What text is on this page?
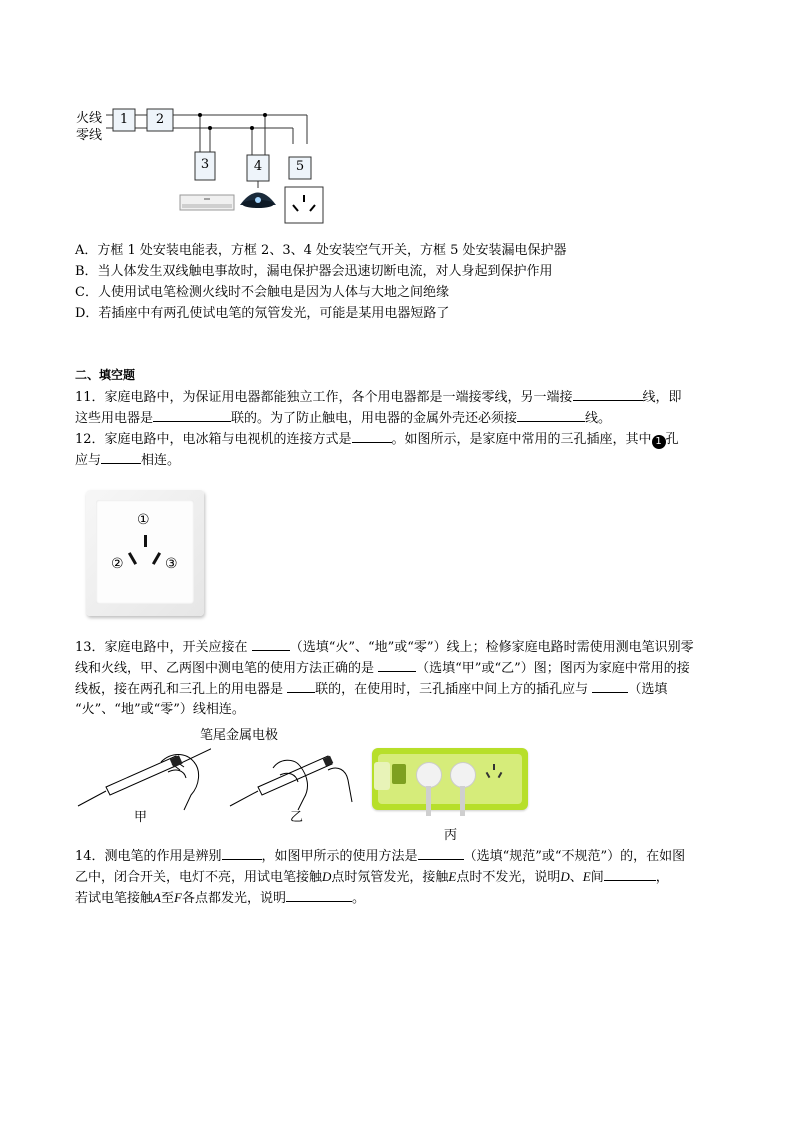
火线
零线
1	2
3	4	5
A．方框 1 处安装电能表，方框 2、3、4 处安装空气开关，方框 5 处安装漏电保护器
B．当人体发生双线触电事故时，漏电保护器会迅速切断电流，对人身起到保护作用
C．人使用试电笔检测火线时不会触电是因为人体与大地之间绝缘
D．若插座中有两孔使试电笔的氖管发光，可能是某用电器短路了
二、填空题
11．家庭电路中，为保证用电器都能独立工作，各个用电器都是一端接零线，另一端接	线，即
这些用电器是	联的。为了防止触电，用电器的金属外壳还必须接	线。
12．家庭电路中，电冰箱与电视机的连接方式是	。如图所示，是家庭中常用的三孔插座，其中 1 孔
应与	相连。
①
②	③
13．家庭电路中，开关应接在	（选填“火”、“地”或“零”）线上；检修家庭电路时需使用测电笔识别零
线和火线，甲、乙两图中测电笔的使用方法正确的是	（选填“甲”或“乙”）图；图丙为家庭中常用的接
线板，接在两孔和三孔上的用电器是 联的，在使用时，三孔插座中间上方的插孔应与	（选填
“火”、“地”或“零”）线相连。
笔尾金属电极
甲	乙
丙
14．测电笔的作用是辨别	，如图甲所示的使用方法是	（选填“规范”或“不规范”）的，在如图
乙中，闭合开关，电灯不亮，用试电笔接触D点时氖管发光，接触E点时不发光，说明D、E间	，
若试电笔接触A至F各点都发光，说明	。
